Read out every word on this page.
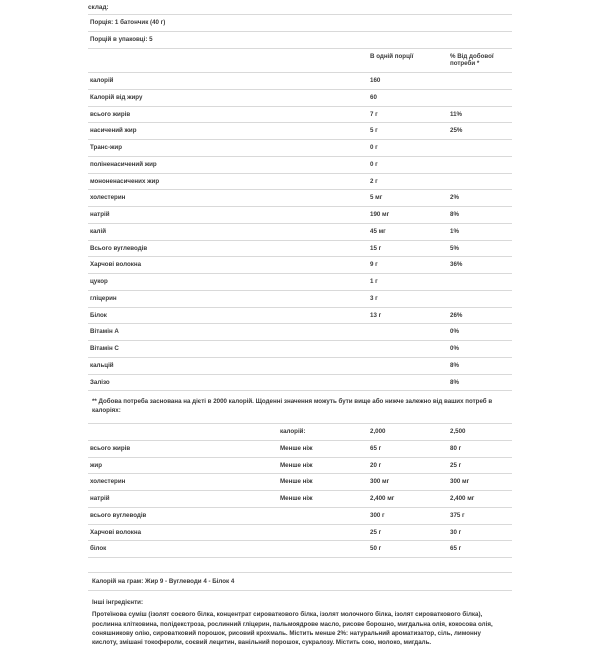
склад:
Порція: 1 батончик (40 г)			
Порцій в упаковці: 5			
		В одній порції	% Від добової потреби *
калорій		160	
Калорій від жиру		60	
всього жирів		7 г	11%
насичений жир		5 г	25%
Транс-жир		0 г	
поліненасичений жир		0 г	
мононенасичених жир		2 г	
холестерин		5 мг	2%
натрій		190 мг	8%
калій		45 мг	1%
Всього вуглеводів		15 г	5%
Харчові волокна		9 г	36%
цукор		1 г	
гліцерин		3 г	
Білок		13 г	26%
Вітамін А			0%
Вітамін С			0%
кальцій			8%
Залізо			8%
** Добова потреба заснована на дієті в 2000 калорій. Щоденні значення можуть бути вище або нижче залежно від ваших потреб в калоріях:
	калорій:	2,000	2,500
всього жирів	Менше ніж	65 г	80 г
жир	Менше ніж	20 г	25 г
холестерин	Менше ніж	300 мг	300 мг
натрій	Менше ніж	2,400 мг	2,400 мг
всього вуглеводів		300 г	375 г
Харчові волокна		25 г	30 г
білок		50 г	65 г

Калорій на грам: Жир 9 - Вуглеводи 4 - Білок 4
Інші інгредієнти:
Протеїнова суміш (ізолят соєвого білка, концентрат сироваткового білка, ізолят молочного білка, ізолят сироваткового білка), рослинна клітковина, полідекстроза, рослинний гліцерин, пальмоядрове масло, рисове борошно, мигдальна олія, кокосова олія, соняшникову олію, сироватковий порошок, рисовий крохмаль. Містить менше 2%: натуральний ароматизатор, сіль, лимонну кислоту, змішані токофероли, соєвий лецитин, ванільний порошок, сукралозу. Містить сою, молоко, мигдаль.
